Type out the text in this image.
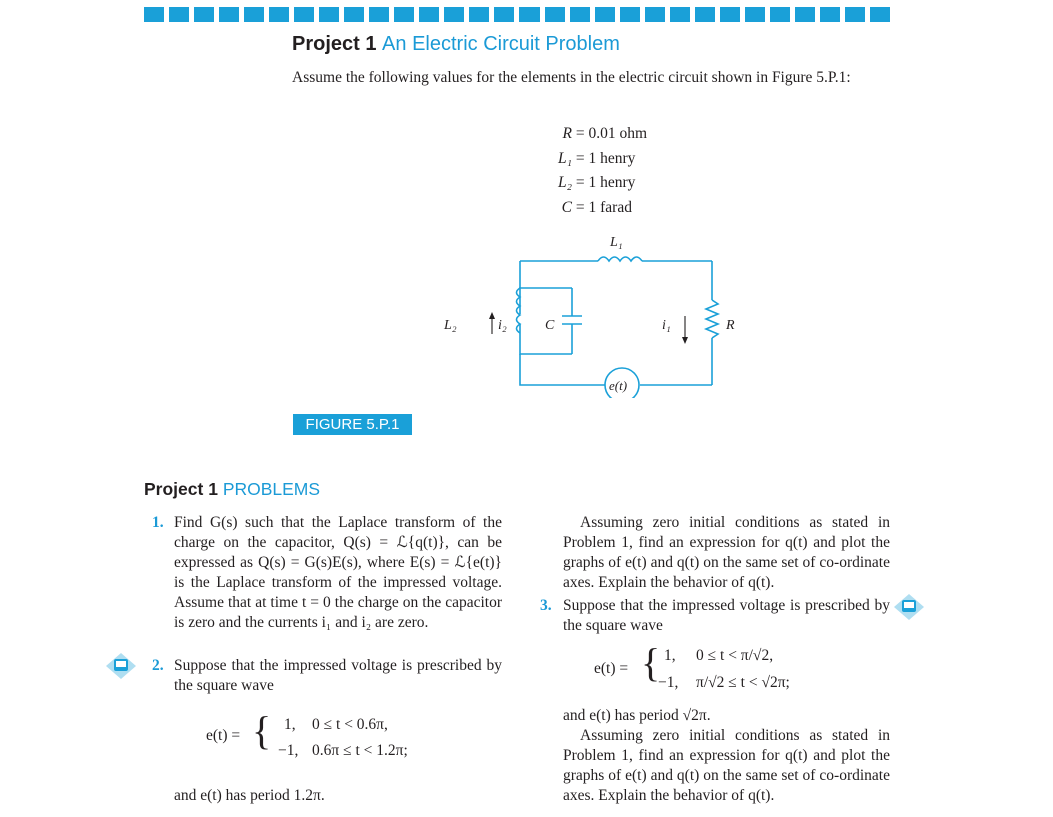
Project 1 An Electric Circuit Problem
Assume the following values for the elements in the electric circuit shown in Figure 5.P.1:
R = 0.01 ohm
L₁ = 1 henry
L₂ = 1 henry
C = 1 farad
L₁
L₂	i₂	C	i₁	R
e(t)
FIGURE 5.P.1
Project 1 PROBLEMS
1. Find G(s) such that the Laplace transform of the charge on the capacitor, Q(s) = ℒ{q(t)}, can be expressed as Q(s) = G(s)E(s), where E(s) = ℒ{e(t)} is the Laplace transform of the impressed voltage. Assume that at time t = 0 the charge on the capacitor is zero and the currents i₁ and i₂ are zero.
2. Suppose that the impressed voltage is prescribed by the square wave
e(t) = { 1, 0 ≤ t < 0.6π,
−1, 0.6π ≤ t < 1.2π;
and e(t) has period 1.2π.
Assuming zero initial conditions as stated in Problem 1, find an expression for q(t) and plot the graphs of e(t) and q(t) on the same set of co-ordinate axes. Explain the behavior of q(t).
3. Suppose that the impressed voltage is prescribed by the square wave
e(t) = { 1, 0 ≤ t < π/√2,
−1, π/√2 ≤ t < √2π;
and e(t) has period √2π.
Assuming zero initial conditions as stated in Problem 1, find an expression for q(t) and plot the graphs of e(t) and q(t) on the same set of co-ordinate axes. Explain the behavior of q(t).
